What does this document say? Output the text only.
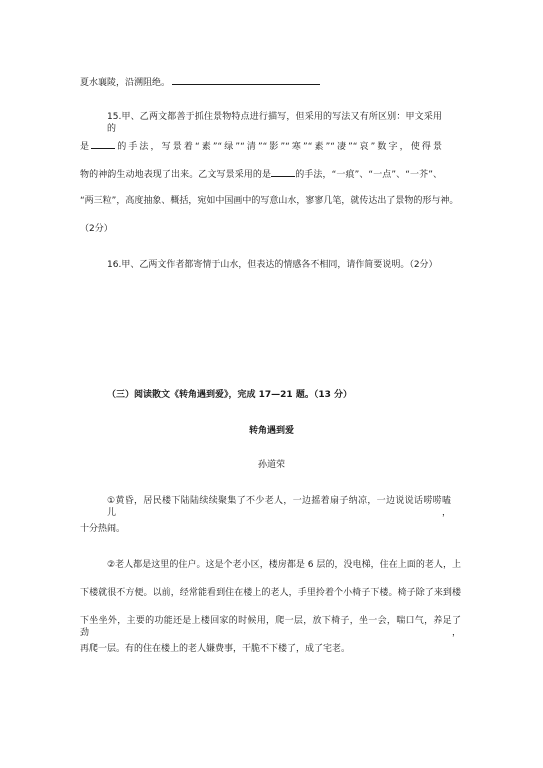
夏水襄陵，沿溯阻绝。
15.甲、乙两文都善于抓住景物特点进行描写，但采用的写法又有所区别：甲文采用的
是	的手法，写景着“素”“绿”“清”“影”“寒”“素”“凄”“哀”数字，使得景
物的神韵生动地表现了出来。乙文写景采用的是	的手法，“一痕”、“一点”、“一芥”、
“两三粒”，高度抽象、概括，宛如中国画中的写意山水，寥寥几笔，就传达出了景物的形与神。
（2分）
16.甲、乙两文作者都寄情于山水，但表达的情感各不相同，请作简要说明。（2分）
（三）阅读散文《转角遇到爱》，完成 17—21 题。（13 分）
转角遇到爱
孙道荣
①黄昏，居民楼下陆陆续续聚集了不少老人，一边摇着扇子纳凉，一边说说话唠唠嗑儿，
十分热闹。
②老人都是这里的住户。这是个老小区，楼房都是 6 层的，没电梯，住在上面的老人，上
下楼就很不方便。以前，经常能看到住在楼上的老人，手里拎着个小椅子下楼。椅子除了来到楼
下坐坐外，主要的功能还是上楼回家的时候用，爬一层，放下椅子，坐一会，喘口气，养足了劲，
再爬一层。有的住在楼上的老人嫌费事，干脆不下楼了，成了宅老。
